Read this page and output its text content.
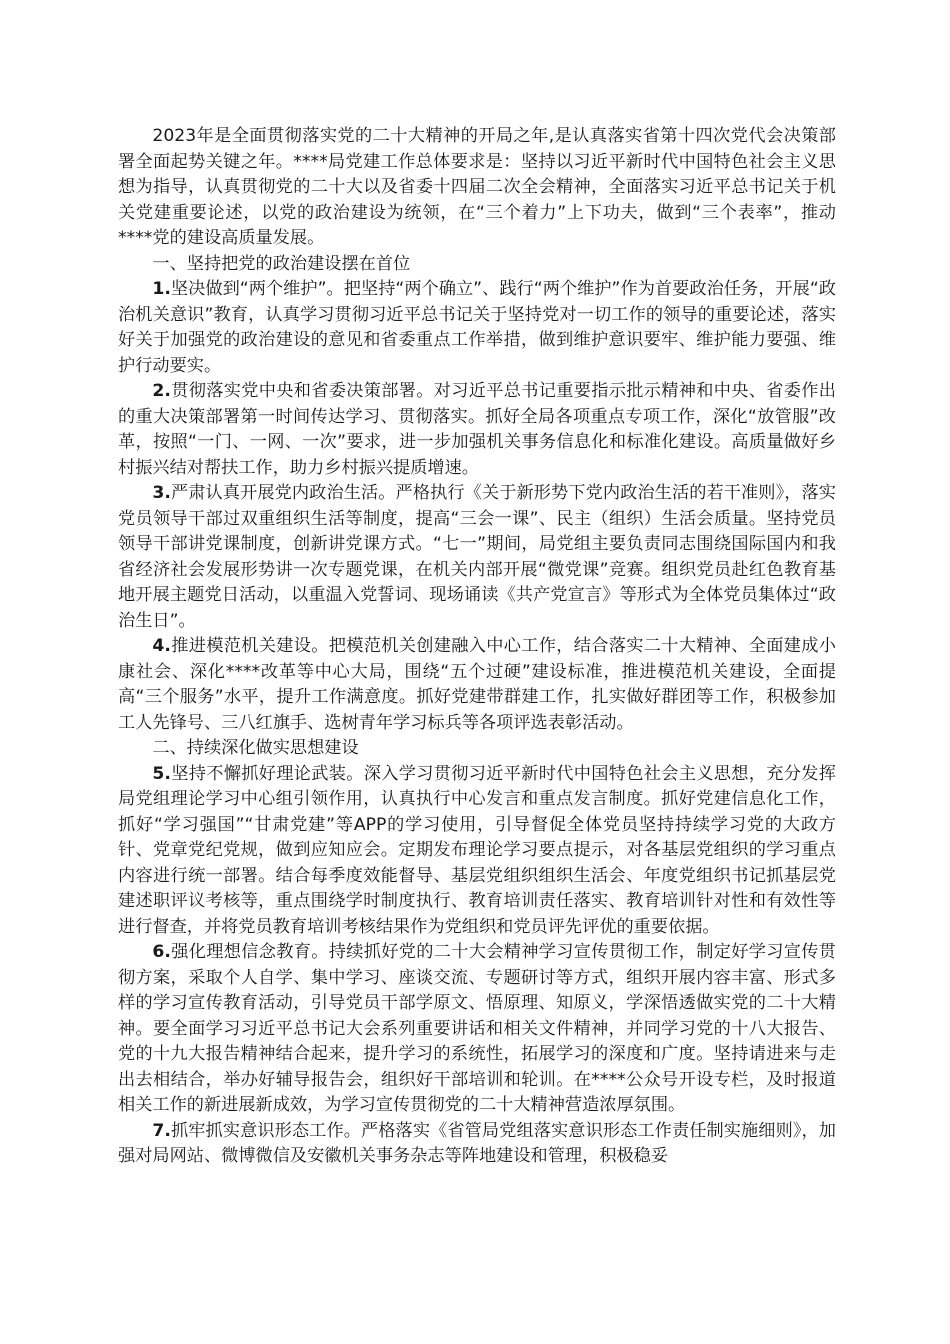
2023年是全面贯彻落实党的二十大精神的开局之年,是认真落实省第十四次党代会决策部署全面起势关键之年。****局党建工作总体要求是：坚持以习近平新时代中国特色社会主义思想为指导，认真贯彻党的二十大以及省委十四届二次全会精神，全面落实习近平总书记关于机关党建重要论述，以党的政治建设为统领，在“三个着力”上下功夫，做到“三个表率”，推动****党的建设高质量发展。

一、坚持把党的政治建设摆在首位

1.坚决做到“两个维护”。把坚持“两个确立”、践行“两个维护”作为首要政治任务，开展“政治机关意识”教育，认真学习贯彻习近平总书记关于坚持党对一切工作的领导的重要论述，落实好关于加强党的政治建设的意见和省委重点工作举措，做到维护意识要牢、维护能力要强、维护行动要实。

2.贯彻落实党中央和省委决策部署。对习近平总书记重要指示批示精神和中央、省委作出的重大决策部署第一时间传达学习、贯彻落实。抓好全局各项重点专项工作，深化“放管服”改革，按照“一门、一网、一次”要求，进一步加强机关事务信息化和标准化建设。高质量做好乡村振兴结对帮扶工作，助力乡村振兴提质增速。

3.严肃认真开展党内政治生活。严格执行《关于新形势下党内政治生活的若干准则》，落实党员领导干部过双重组织生活等制度，提高“三会一课”、民主（组织）生活会质量。坚持党员领导干部讲党课制度，创新讲党课方式。“七一”期间，局党组主要负责同志围绕国际国内和我省经济社会发展形势讲一次专题党课，在机关内部开展“微党课”竞赛。组织党员赴红色教育基地开展主题党日活动，以重温入党誓词、现场诵读《共产党宣言》等形式为全体党员集体过“政治生日”。

4.推进模范机关建设。把模范机关创建融入中心工作，结合落实二十大精神、全面建成小康社会、深化****改革等中心大局，围绕“五个过硬”建设标准，推进模范机关建设，全面提高“三个服务”水平，提升工作满意度。抓好党建带群建工作，扎实做好群团等工作，积极参加工人先锋号、三八红旗手、选树青年学习标兵等各项评选表彰活动。

二、持续深化做实思想建设

5.坚持不懈抓好理论武装。深入学习贯彻习近平新时代中国特色社会主义思想，充分发挥局党组理论学习中心组引领作用，认真执行中心发言和重点发言制度。抓好党建信息化工作，抓好“学习强国”“甘肃党建”等APP的学习使用，引导督促全体党员坚持持续学习党的大政方针、党章党纪党规，做到应知应会。定期发布理论学习要点提示，对各基层党组织的学习重点内容进行统一部署。结合每季度效能督导、基层党组织组织生活会、年度党组织书记抓基层党建述职评议考核等，重点围绕学时制度执行、教育培训责任落实、教育培训针对性和有效性等进行督查，并将党员教育培训考核结果作为党组织和党员评先评优的重要依据。

6.强化理想信念教育。持续抓好党的二十大会精神学习宣传贯彻工作，制定好学习宣传贯彻方案，采取个人自学、集中学习、座谈交流、专题研讨等方式，组织开展内容丰富、形式多样的学习宣传教育活动，引导党员干部学原文、悟原理、知原义，学深悟透做实党的二十大精神。要全面学习习近平总书记大会系列重要讲话和相关文件精神，并同学习党的十八大报告、党的十九大报告精神结合起来，提升学习的系统性，拓展学习的深度和广度。坚持请进来与走出去相结合，举办好辅导报告会，组织好干部培训和轮训。在****公众号开设专栏，及时报道相关工作的新进展新成效，为学习宣传贯彻党的二十大精神营造浓厚氛围。

7.抓牢抓实意识形态工作。严格落实《省管局党组落实意识形态工作责任制实施细则》，加强对局网站、微博微信及安徽机关事务杂志等阵地建设和管理，积极稳妥
